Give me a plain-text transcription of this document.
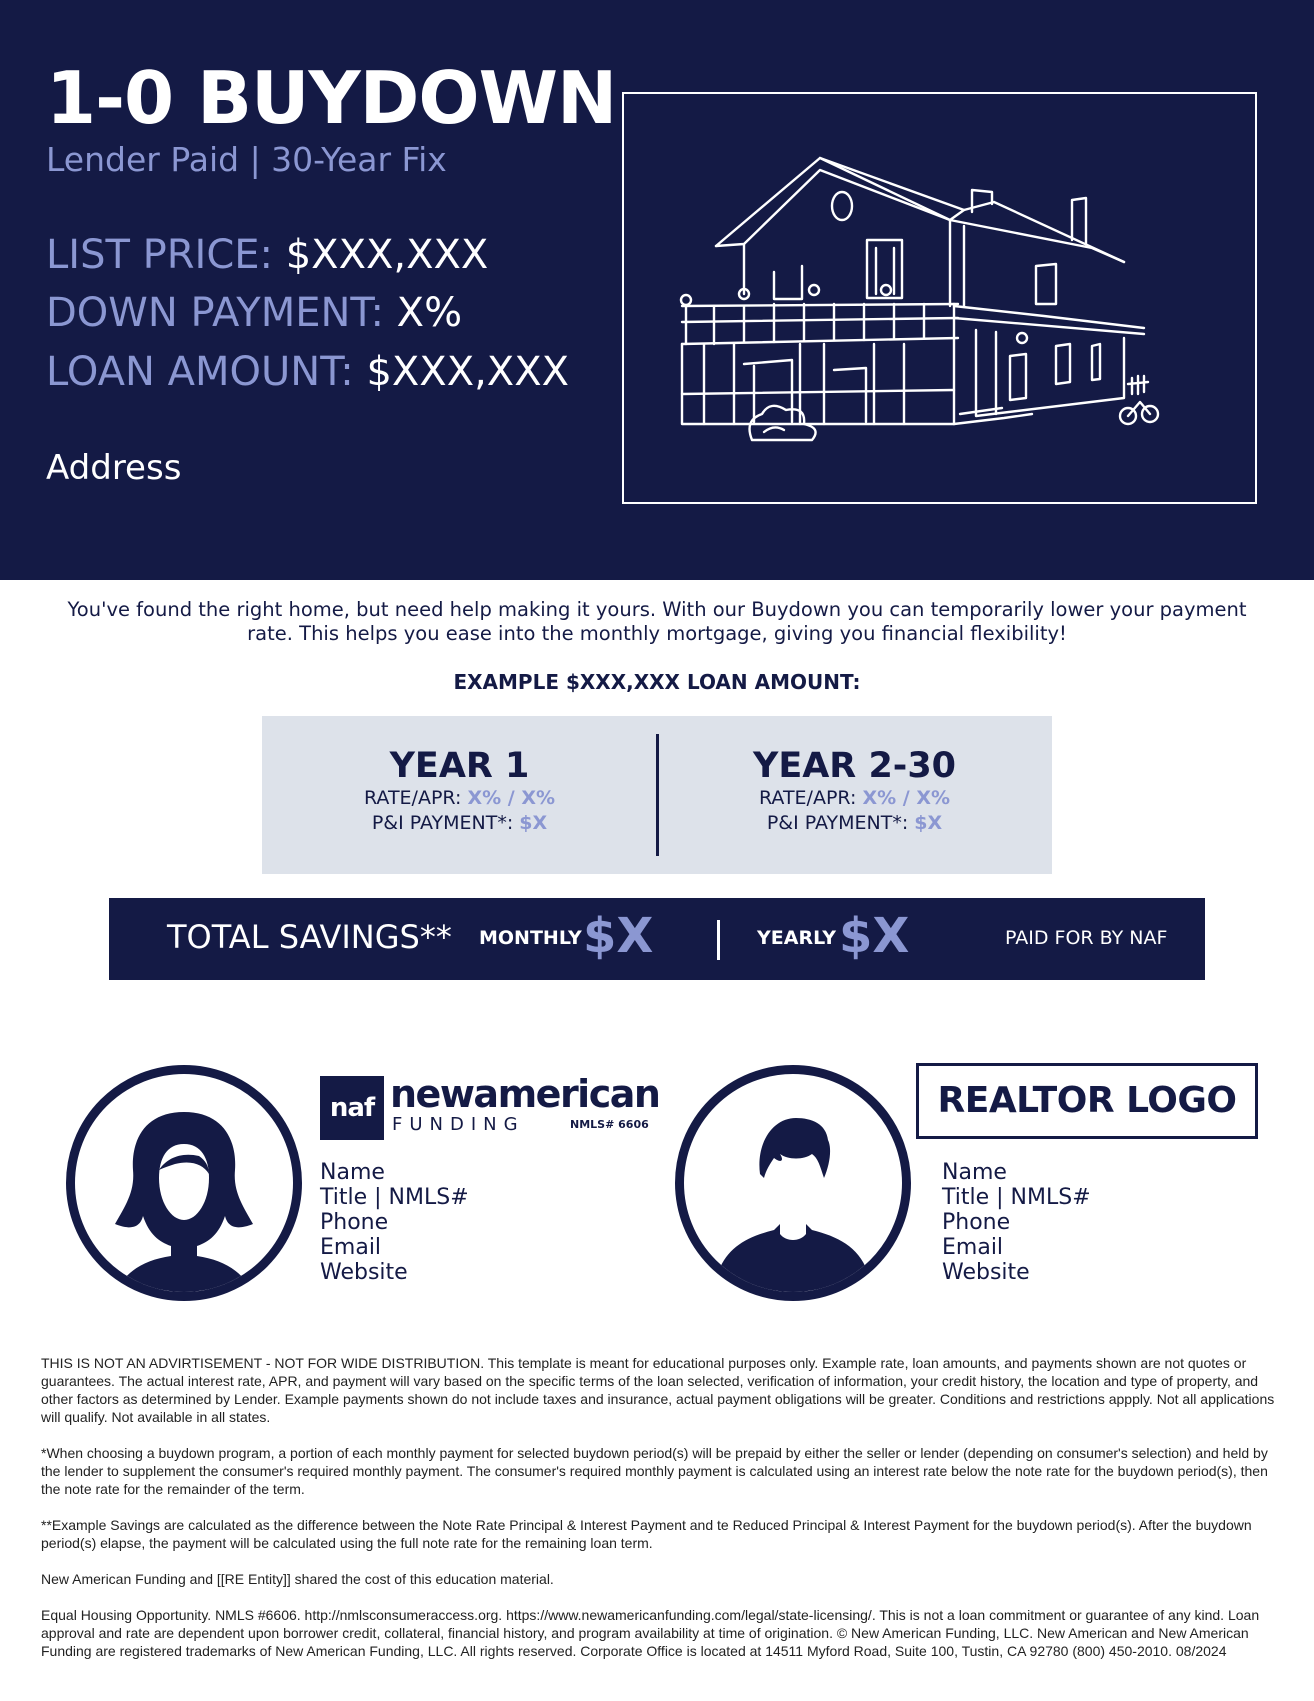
1-0 BUYDOWN
Lender Paid | 30-Year Fix
LIST PRICE: $XXX,XXX
DOWN PAYMENT: X%
LOAN AMOUNT: $XXX,XXX
Address
You've found the right home, but need help making it yours. With our Buydown you can temporarily lower your payment rate. This helps you ease into the monthly mortgage, giving you financial flexibility!
EXAMPLE $XXX,XXX LOAN AMOUNT:
YEAR 1
RATE/APR: X% / X%
P&I PAYMENT*: $X
YEAR 2-30
RATE/APR: X% / X%
P&I PAYMENT*: $X
TOTAL SAVINGS** MONTHLY $X	YEARLY $X	PAID FOR BY NAF
naf newamerican
FUNDING	NMLS# 6606
Name
Title | NMLS#
Phone
Email
Website
REALTOR LOGO
Name
Title | NMLS#
Phone
Email
Website

THIS IS NOT AN ADVIRTISEMENT - NOT FOR WIDE DISTRIBUTION. This template is meant for educational purposes only. Example rate, loan amounts, and payments shown are not quotes or guarantees. The actual interest rate, APR, and payment will vary based on the specific terms of the loan selected, verification of information, your credit history, the location and type of property, and other factors as determined by Lender. Example payments shown do not include taxes and insurance, actual payment obligations will be greater. Conditions and restrictions appply. Not all applications will qualify. Not available in all states.

*When choosing a buydown program, a portion of each monthly payment for selected buydown period(s) will be prepaid by either the seller or lender (depending on consumer's selection) and held by the lender to supplement the consumer's required monthly payment. The consumer's required monthly payment is calculated using an interest rate below the note rate for the buydown period(s), then the note rate for the remainder of the term.

**Example Savings are calculated as the difference between the Note Rate Principal & Interest Payment and te Reduced Principal & Interest Payment for the buydown period(s). After the buydown period(s) elapse, the payment will be calculated using the full note rate for the remaining loan term.

New American Funding and [[RE Entity]] shared the cost of this education material.

Equal Housing Opportunity. NMLS #6606. http://nmlsconsumeraccess.org. https://www.newamericanfunding.com/legal/state-licensing/. This is not a loan commitment or guarantee of any kind. Loan approval and rate are dependent upon borrower credit, collateral, financial history, and program availability at time of origination. © New American Funding, LLC. New American and New American Funding are registered trademarks of New American Funding, LLC. All rights reserved. Corporate Office is located at 14511 Myford Road, Suite 100, Tustin, CA 92780 (800) 450-2010. 08/2024
